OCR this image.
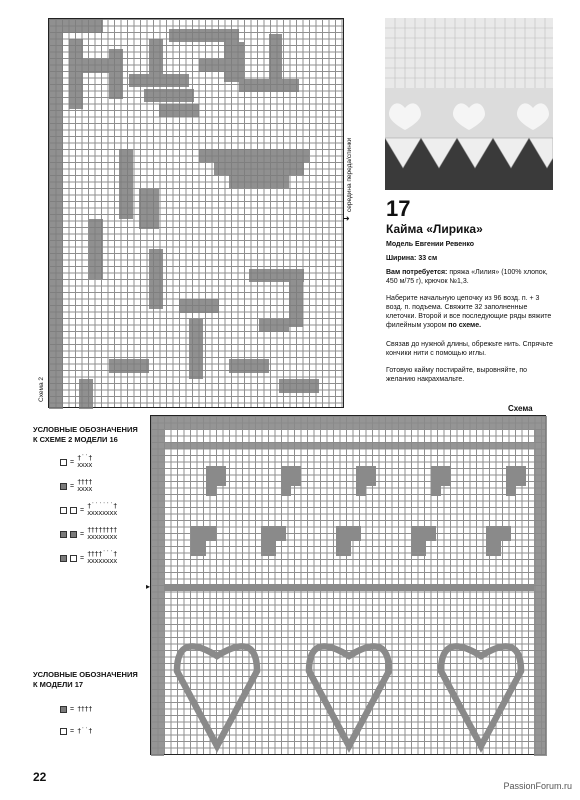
Схема 2
середина переда/спинки
➜ 17
Кайма «Лирика»
Модель Евгении Ревенко
Ширина: 33 см
Вам потребуется: пряжа «Лилия» (100% хлопок, 450 м/75 г), крючок №1,3.
Наберите начальную цепочку из 96 возд. п. + 3 возд. п. подъема. Свяжите 32 заполненные клеточки. Второй и все последующие ряды вяжите филейным узором по схеме.
Связав до нужной длины, обрежьте нить. Спрячьте кончики нити с помощью иглы.
Готовую кайму постирайте, выровняйте, по желанию накрахмальте.
УСЛОВНЫЕ ОБОЗНАЧЕНИЯ
К СХЕМЕ 2 МОДЕЛИ 16
= †˙˙†
xxxx
= ††††
xxxx
= †˙˙˙˙˙˙†
xxxxxxxx
= ††††††††
xxxxxxxx
= ††††˙˙˙†
xxxxxxxx
УСЛОВНЫЕ ОБОЗНАЧЕНИЯ
К МОДЕЛИ 17
= ††††
= †˙˙†
Схема
▸
22
PassionForum.ru
